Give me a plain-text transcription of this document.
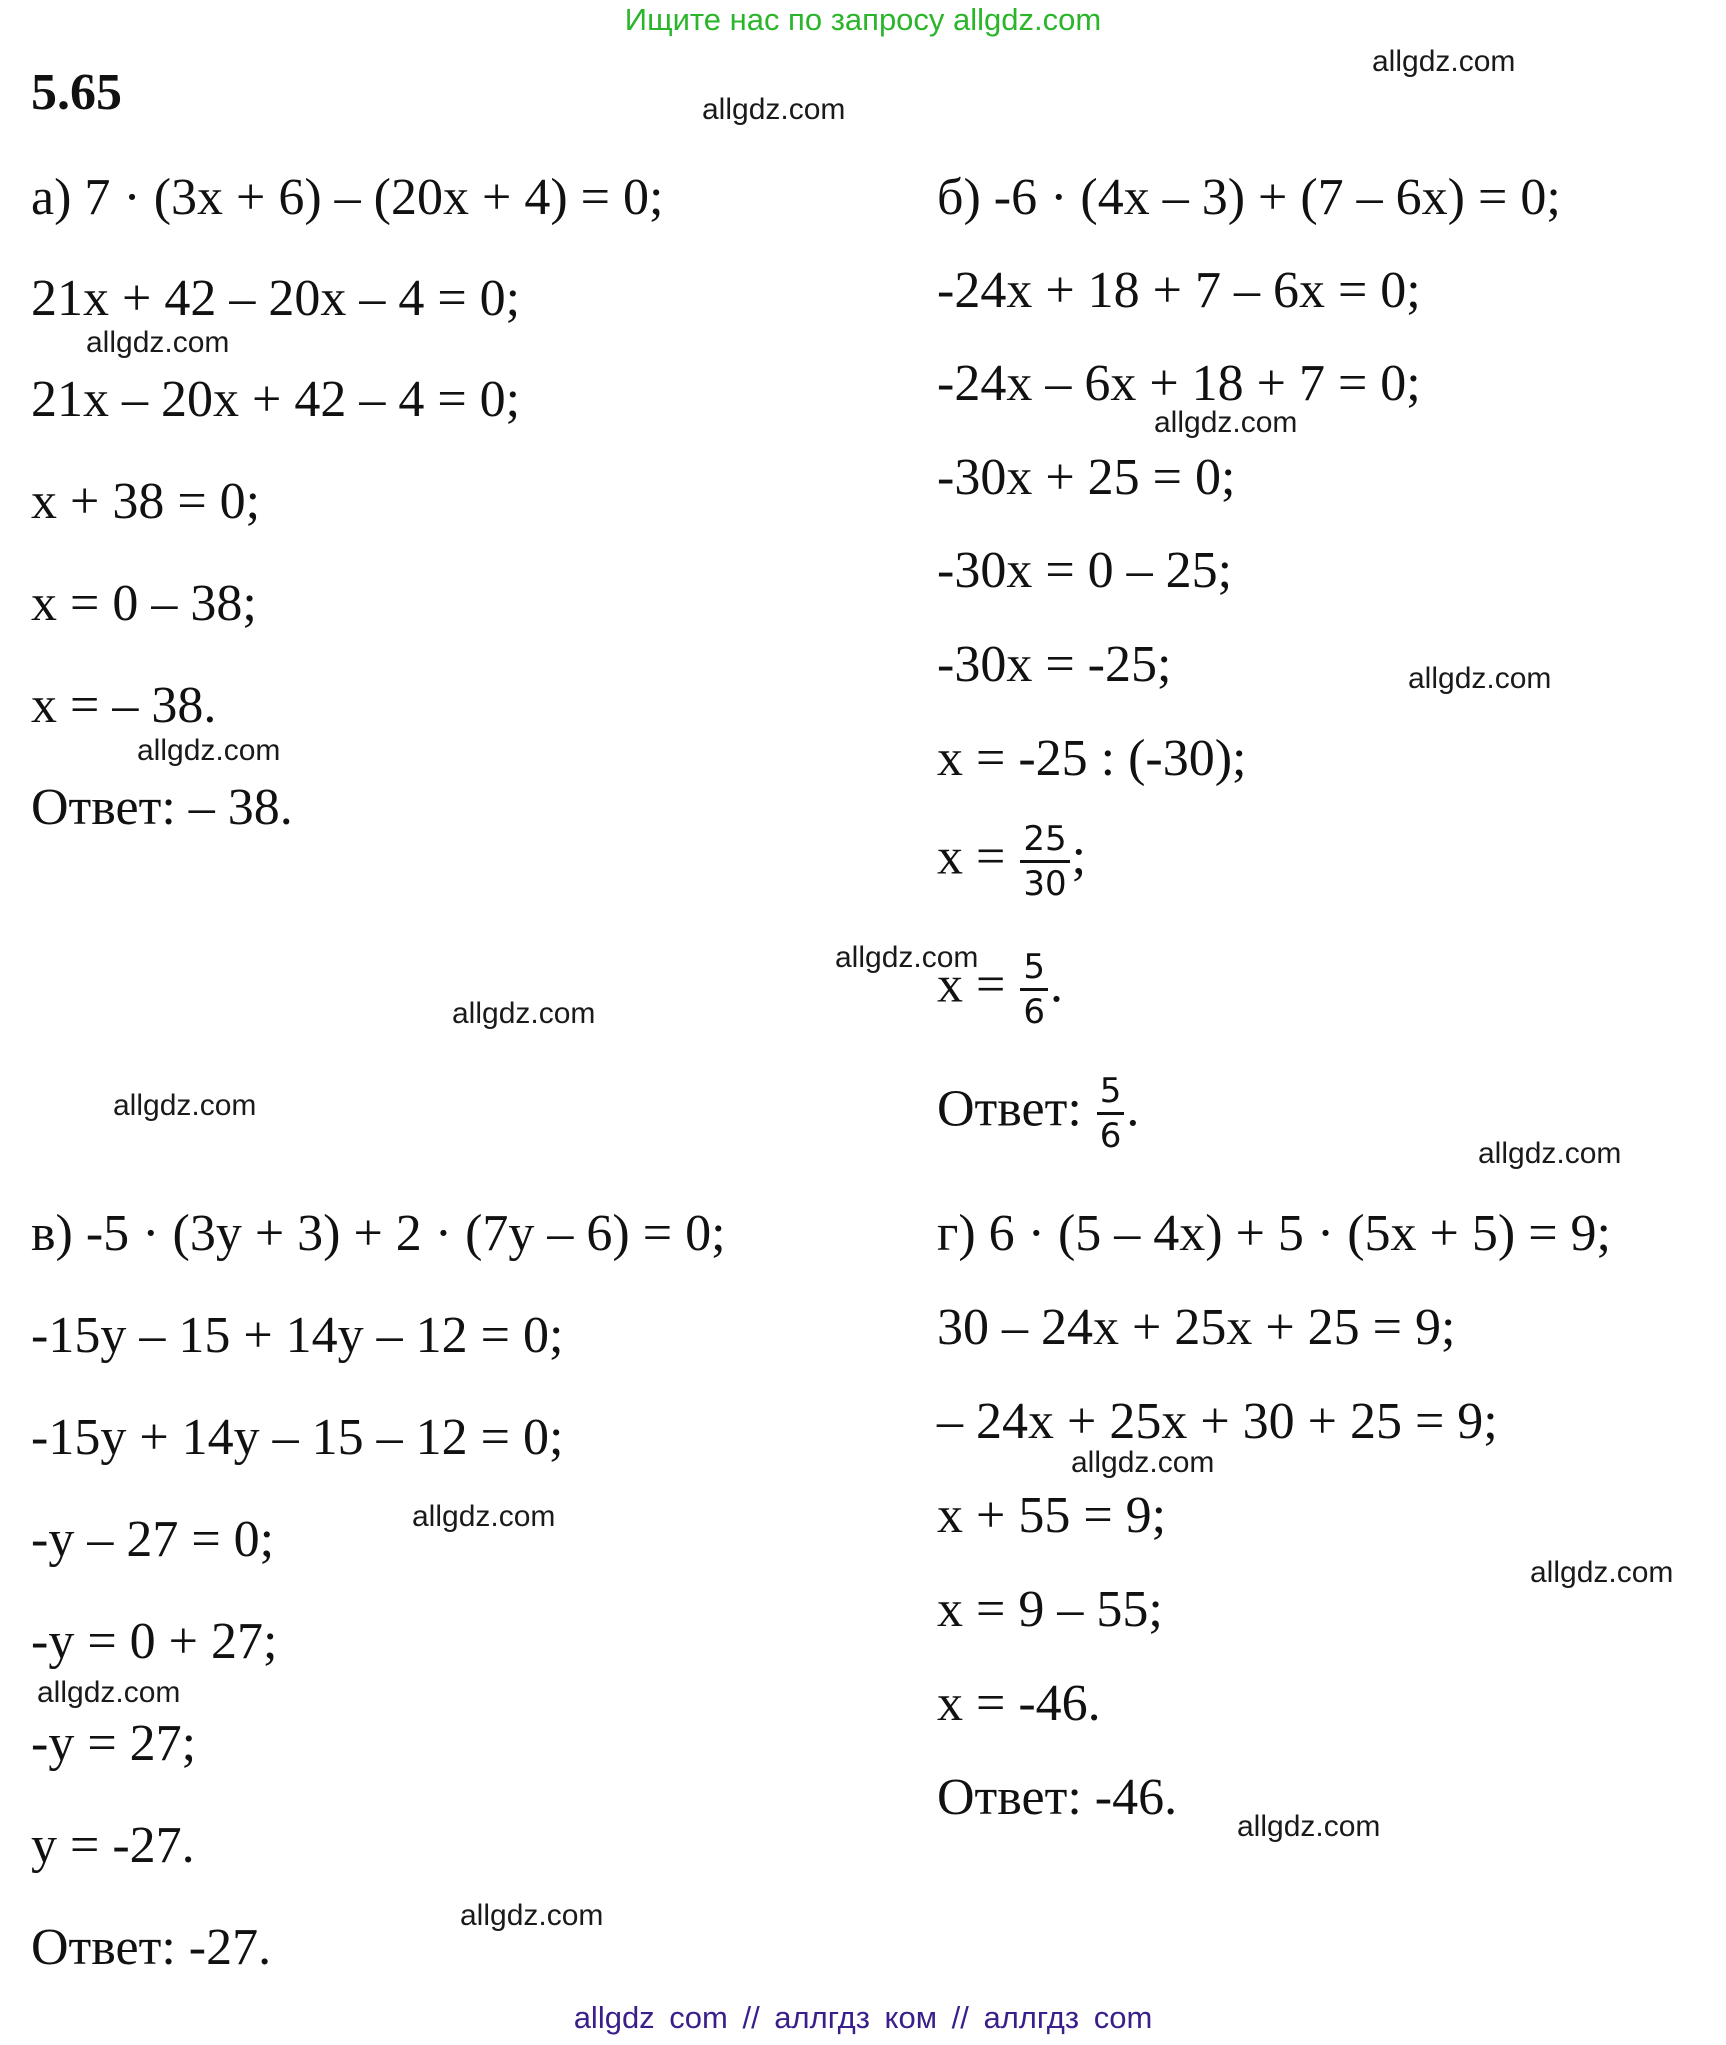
Ищите нас по запросу allgdz.com
5.65
allgdz.com
allgdz.com
allgdz.com
allgdz.com
allgdz.com
allgdz.com
allgdz.com
allgdz.com
allgdz.com
allgdz.com
allgdz.com
allgdz.com
allgdz.com
allgdz.com
allgdz.com
allgdz.com
а) 7 · (3х + 6) – (20х + 4) = 0;
21х + 42 – 20х – 4 = 0;
21х – 20х + 42 – 4 = 0;
х + 38 = 0;
х = 0 – 38;
х = – 38.
Ответ: – 38.
б) -6 · (4х – 3) + (7 – 6х) = 0;
-24х + 18 + 7 – 6х = 0;
-24х – 6х + 18 + 7 = 0;
-30х + 25 = 0;
-30х = 0 – 25;
-30х = -25;
х = -25 : (-30);
$х = \frac{25}{30}$ ;
$х = \frac{5}{6}$ .
Ответ: $\frac{5}{6}$ .
в) -5 · (3у + 3) + 2 · (7у – 6) = 0;
-15у – 15 + 14у – 12 = 0;
-15у + 14у – 15 – 12 = 0;
-у – 27 = 0;
-у = 0 + 27;
-у = 27;
у = -27.
Ответ: -27.
г) 6 · (5 – 4х) + 5 · (5х + 5) = 9;
30 – 24х + 25х + 25 = 9;
– 24х + 25х + 30 + 25 = 9;
х + 55 = 9;
х = 9 – 55;
х = -46.
Ответ: -46.
allgdz com // аллгдз ком // аллгдз com
